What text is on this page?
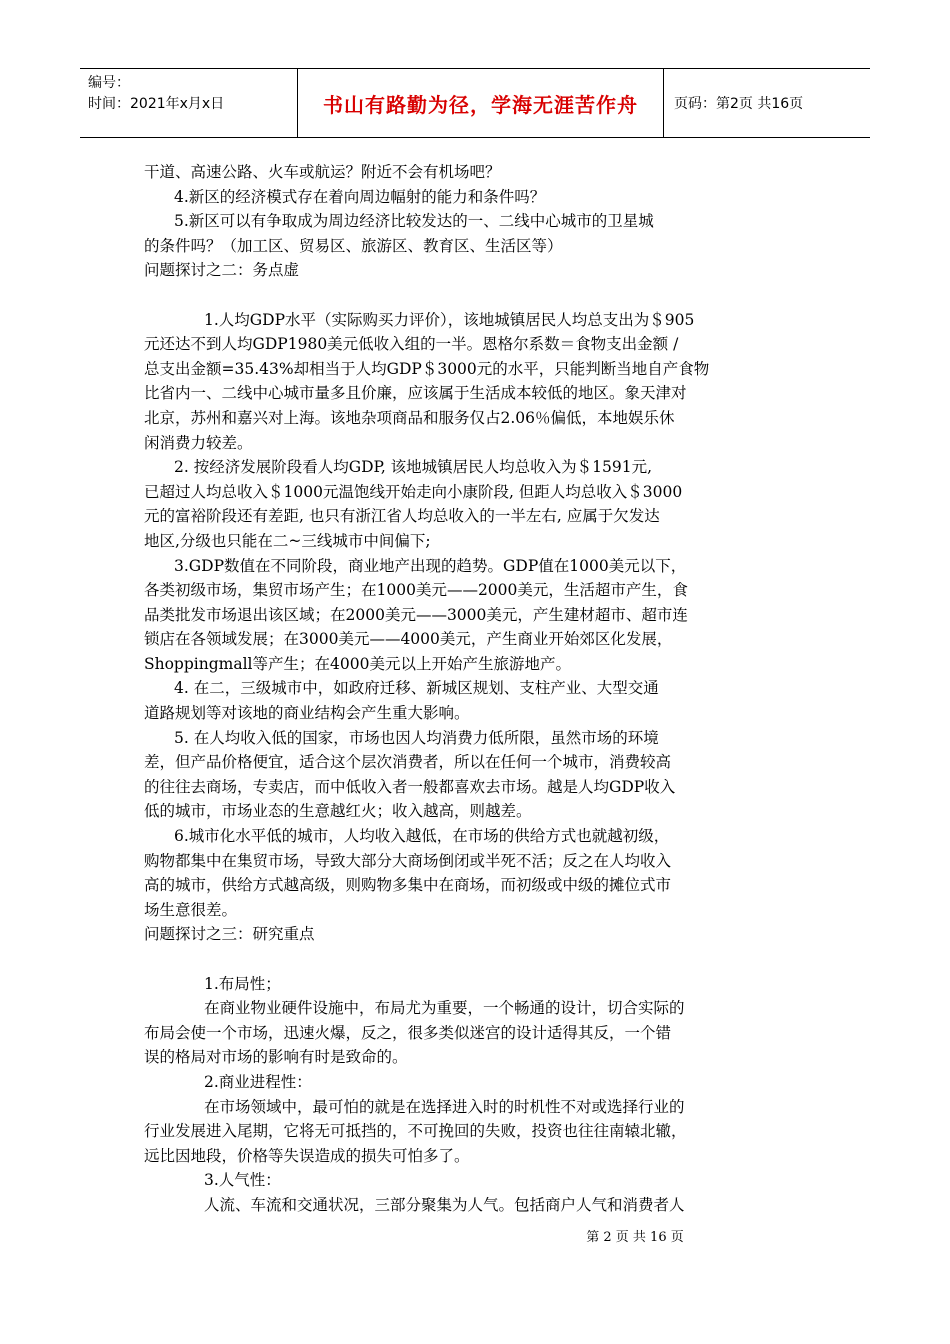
编号：
时间：2021年x月x日	书山有路勤为径，学海无涯苦作舟	页码：第2页 共16页

干道、高速公路、火车或航运？附近不会有机场吧？

4.新区的经济模式存在着向周边幅射的能力和条件吗？

5.新区可以有争取成为周边经济比较发达的一、二线中心城市的卫星城

的条件吗？（加工区、贸易区、旅游区、教育区、生活区等）

问题探讨之二：务点虚

1.人均GDP水平（实际购买力评价），该地城镇居民人均总支出为＄905

元还达不到人均GDP1980美元低收入组的一半。恩格尔系数＝食物支出金额 /

总支出金额=35.43%却相当于人均GDP＄3000元的水平，只能判断当地自产食物

比省内一、二线中心城市量多且价廉，应该属于生活成本较低的地区。象天津对

北京，苏州和嘉兴对上海。该地杂项商品和服务仅占2.06％偏低，本地娱乐休

闲消费力较差。

2. 按经济发展阶段看人均GDP, 该地城镇居民人均总收入为＄1591元,

已超过人均总收入＄1000元温饱线开始走向小康阶段, 但距人均总收入＄3000

元的富裕阶段还有差距, 也只有浙江省人均总收入的一半左右, 应属于欠发达

地区,分级也只能在二~三线城市中间偏下;

3.GDP数值在不同阶段，商业地产出现的趋势。GDP值在1000美元以下，

各类初级市场，集贸市场产生；在1000美元——2000美元，生活超市产生，食

品类批发市场退出该区域；在2000美元——3000美元，产生建材超市、超市连

锁店在各领域发展；在3000美元——4000美元，产生商业开始郊区化发展，

Shoppingmall等产生；在4000美元以上开始产生旅游地产。

4. 在二，三级城市中，如政府迁移、新城区规划、支柱产业、大型交通

道路规划等对该地的商业结构会产生重大影响。

5. 在人均收入低的国家，市场也因人均消费力低所限，虽然市场的环境

差，但产品价格便宜，适合这个层次消费者，所以在任何一个城市，消费较高

的往往去商场，专卖店，而中低收入者一般都喜欢去市场。越是人均GDP收入

低的城市，市场业态的生意越红火；收入越高，则越差。

6.城市化水平低的城市，人均收入越低，在市场的供给方式也就越初级，

购物都集中在集贸市场，导致大部分大商场倒闭或半死不活；反之在人均收入

高的城市，供给方式越高级，则购物多集中在商场，而初级或中级的摊位式市

场生意很差。

问题探讨之三：研究重点

1.布局性；

在商业物业硬件设施中，布局尤为重要，一个畅通的设计，切合实际的

布局会使一个市场，迅速火爆，反之，很多类似迷宫的设计适得其反，一个错

误的格局对市场的影响有时是致命的。

2.商业进程性：

在市场领域中，最可怕的就是在选择进入时的时机性不对或选择行业的

行业发展进入尾期，它将无可抵挡的，不可挽回的失败，投资也往往南辕北辙，

远比因地段，价格等失误造成的损失可怕多了。

3.人气性：

人流、车流和交通状况，三部分聚集为人气。包括商户人气和消费者人

第 2 页 共 16 页
